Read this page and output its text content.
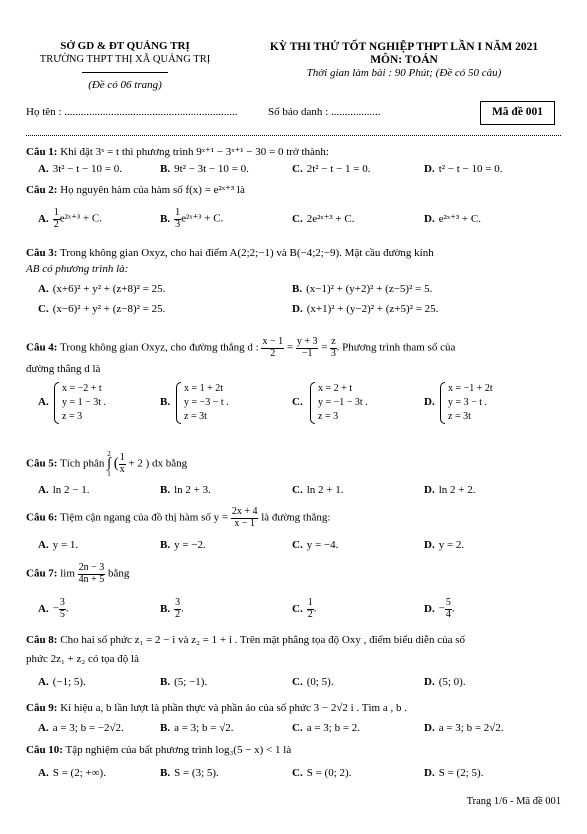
SỞ GD & ĐT QUẢNG TRỊ
TRƯỜNG THPT THỊ XÃ QUẢNG TRỊ
(Đề có 06 trang)
KỲ THI THỬ TỐT NGHIỆP THPT LẦN I NĂM 2021
MÔN: TOÁN
Thời gian làm bài : 90 Phút; (Đề có 50 câu)
Họ tên : ...............................................................	Số báo danh : ..................	Mã đề 001
Câu 1: Khi đặt 3ˣ = t thì phương trình 9ˣ⁺¹ − 3ˣ⁺¹ − 30 = 0 trở thành:
A. 3t² − t − 10 = 0.	B. 9t² − 3t − 10 = 0.	C. 2t² − t − 1 = 0.	D. t² − t − 10 = 0.
Câu 2: Họ nguyên hàm của hàm số f(x) = e²ˣ⁺³ là
A. $\frac{1}{2}$ e²ˣ⁺³ + C.	B. $\frac{1}{3}$ e²ˣ⁺³ + C.	C. 2e²ˣ⁺³ + C.	D. e²ˣ⁺³ + C.
Câu 3: Trong không gian Oxyz, cho hai điểm A(2;2;−1) và B(−4;2;−9). Mặt cầu đường kính
AB có phương trình là:
A. (x+6)² + y² + (z+8)² = 25.	B. (x−1)² + (y+2)² + (z−5)² = 5.
C. (x−6)² + y² + (z−8)² = 25.	D. (x+1)² + (y−2)² + (z+5)² = 25.
Câu 4: Trong không gian Oxyz, cho đường thẳng d : $\frac{x - 1}{2} = \frac{y + 3}{-1} = \frac{z}{3}$ . Phương trình tham số của
đường thẳng d là
A.
x = −2 + t
y = 1 − 3t .
z = 3
B.
x = 1 + 2t
y = −3 − t .
z = 3t
C.
x = 2 + t
y = −1 − 3t .
z = 3
D.
x = −1 + 2t
y = 3 − t .
z = 3t
Câu 5: Tích phân
2
∫
1
( $\frac{1}{x} + 2$ ) dx bằng
A. ln 2 − 1.	B. ln 2 + 3.	C. ln 2 + 1.	D. ln 2 + 2.
Câu 6: Tiệm cận ngang của đồ thị hàm số $y = \frac{2x + 4}{x - 1}$ là đường thẳng:
A. y = 1.	B. y = −2.	C. y = −4.	D. y = 2.
Câu 7: $\lim \frac{2n - 3}{4n + 5}$ bằng
A. − $\frac{3}{5}$ .	B. $\frac{3}{2}$ .	C. $\frac{1}{2}$ .	D. − $\frac{5}{4}$ .
Câu 8: Cho hai số phức z₁ = 2 − i và z₂ = 1 + i . Trên mặt phẳng tọa độ Oxy , điểm biểu diễn của số
phức 2z₁ + z₂ có tọa độ là
A. (−1; 5).	B. (5; −1).	C. (0; 5).	D. (5; 0).
Câu 9: Kí hiệu a, b lần lượt là phần thực và phần ảo của số phức 3 − 2√2 i . Tìm a , b .
A. a = 3; b = −2√2.	B. a = 3; b = √2.	C. a = 3; b = 2.	D. a = 3; b = 2√2.
Câu 10: Tập nghiệm của bất phương trình log₃(5 − x) < 1 là
A. S = (2; +∞).	B. S = (3; 5).	C. S = (0; 2).	D. S = (2; 5).
Trang 1/6 - Mã đề 001
